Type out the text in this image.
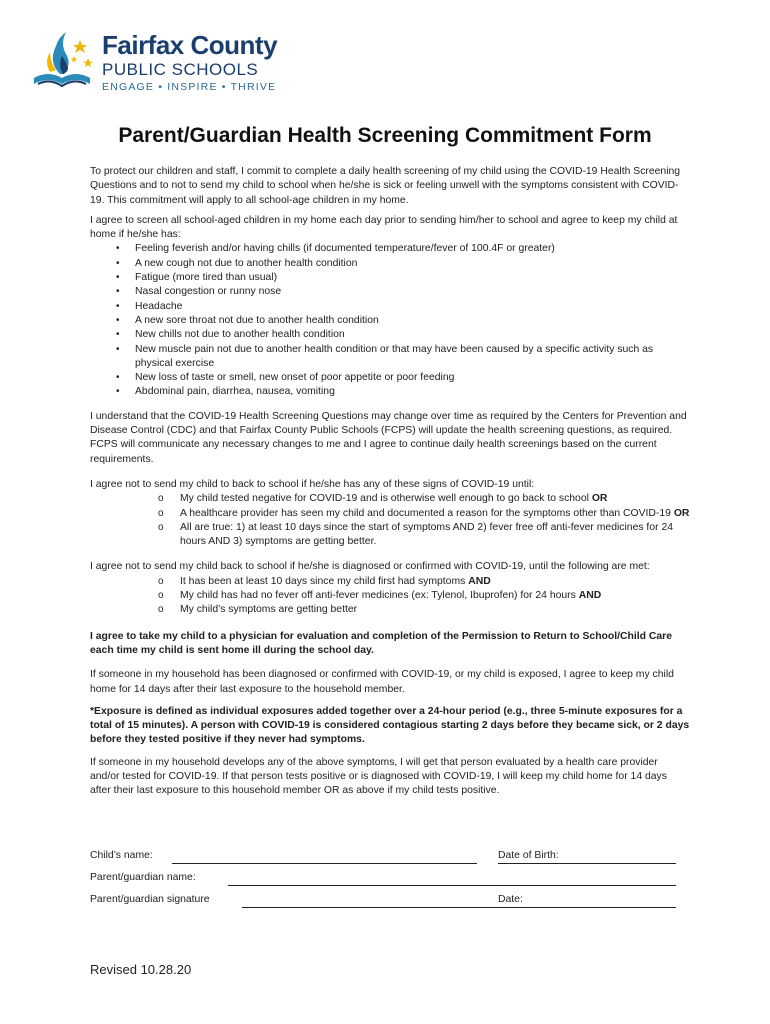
Fairfax County
PUBLIC SCHOOLS
ENGAGE • INSPIRE • THRIVE
Parent/Guardian Health Screening Commitment Form

To protect our children and staff, I commit to complete a daily health screening of my child using the COVID-19 Health Screening Questions and to not to send my child to school when he/she is sick or feeling unwell with the symptoms consistent with COVID-19. This commitment will apply to all school-age children in my home.

I agree to screen all school-aged children in my home each day prior to sending him/her to school and agree to keep my child at home if he/she has:

• Feeling feverish and/or having chills (if documented temperature/fever of 100.4F or greater)
• A new cough not due to another health condition
• Fatigue (more tired than usual)
• Nasal congestion or runny nose
• Headache
• A new sore throat not due to another health condition
• New chills not due to another health condition
• New muscle pain not due to another health condition or that may have been caused by a specific activity such as physical exercise
• New loss of taste or smell, new onset of poor appetite or poor feeding
• Abdominal pain, diarrhea, nausea, vomiting

I understand that the COVID-19 Health Screening Questions may change over time as required by the Centers for Prevention and Disease Control (CDC) and that Fairfax County Public Schools (FCPS) will update the health screening questions, as required. FCPS will communicate any necessary changes to me and I agree to continue daily health screenings based on the current requirements.

I agree not to send my child to back to school if he/she has any of these signs of COVID-19 until:

o My child tested negative for COVID-19 and is otherwise well enough to go back to school OR
o A healthcare provider has seen my child and documented a reason for the symptoms other than COVID-19 OR
o All are true: 1) at least 10 days since the start of symptoms AND 2) fever free off anti-fever medicines for 24 hours AND 3) symptoms are getting better.

I agree not to send my child back to school if he/she is diagnosed or confirmed with COVID-19, until the following are met:

o It has been at least 10 days since my child first had symptoms AND
o My child has had no fever off anti-fever medicines (ex: Tylenol, Ibuprofen) for 24 hours AND
o My child’s symptoms are getting better

I agree to take my child to a physician for evaluation and completion of the Permission to Return to School/Child Care each time my child is sent home ill during the school day.

If someone in my household has been diagnosed or confirmed with COVID-19, or my child is exposed, I agree to keep my child home for 14 days after their last exposure to the household member.

*Exposure is defined as individual exposures added together over a 24-hour period (e.g., three 5-minute exposures for a total of 15 minutes). A person with COVID-19 is considered contagious starting 2 days before they became sick, or 2 days before they tested positive if they never had symptoms.

If someone in my household develops any of the above symptoms, I will get that person evaluated by a health care provider and/or tested for COVID-19. If that person tests positive or is diagnosed with COVID-19, I will keep my child home for 14 days after their last exposure to this household member OR as above if my child tests positive.

Child’s name:	Date of Birth:
Parent/guardian name:
Parent/guardian signature	Date:
Revised 10.28.20
